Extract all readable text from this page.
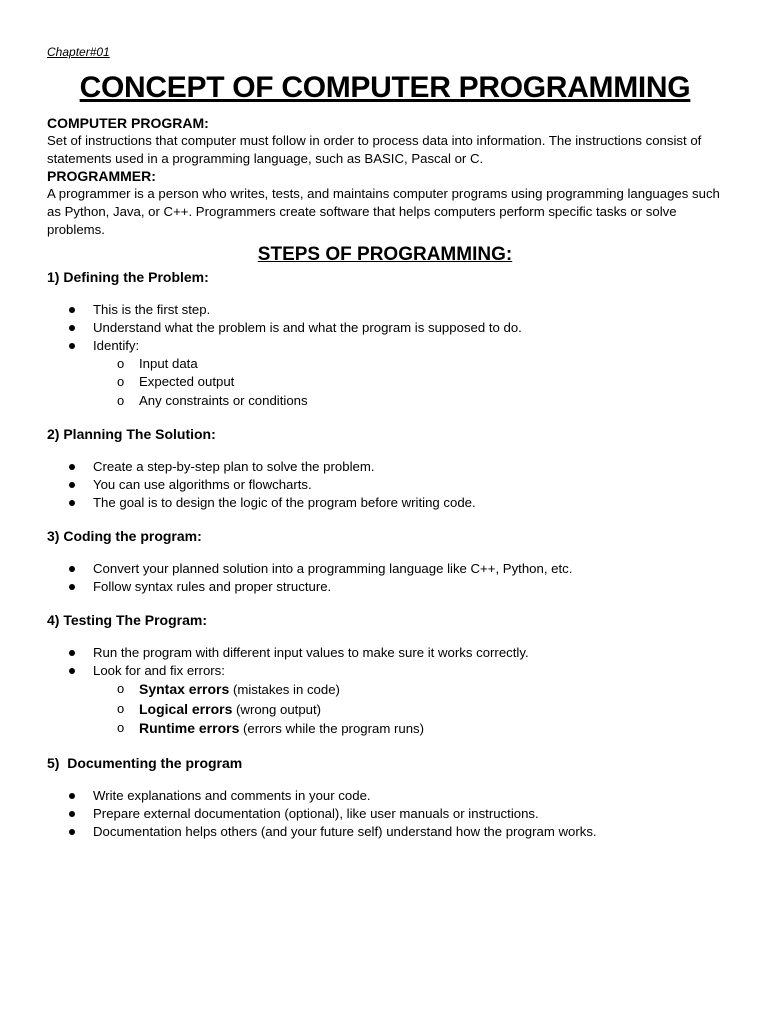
Chapter#01

CONCEPT OF COMPUTER PROGRAMMING

COMPUTER PROGRAM:

Set of instructions that computer must follow in order to process data into information. The instructions consist of statements used in a programming language, such as BASIC, Pascal or C.

PROGRAMMER:

A programmer is a person who writes, tests, and maintains computer programs using programming languages such as Python, Java, or C++. Programmers create software that helps computers perform specific tasks or solve problems.

STEPS OF PROGRAMMING:

1) Defining the Problem:

This is the first step.
Understand what the problem is and what the program is supposed to do.
Identify:
o Input data
o Expected output
o Any constraints or conditions

2) Planning The Solution:

Create a step-by-step plan to solve the problem.
You can use algorithms or flowcharts.
The goal is to design the logic of the program before writing code.

3) Coding the program:

Convert your planned solution into a programming language like C++, Python, etc.
Follow syntax rules and proper structure.

4) Testing The Program:

Run the program with different input values to make sure it works correctly.
Look for and fix errors:
o Syntax errors (mistakes in code)
o Logical errors (wrong output)
o Runtime errors (errors while the program runs)

5)  Documenting the program

Write explanations and comments in your code.
Prepare external documentation (optional), like user manuals or instructions.
Documentation helps others (and your future self) understand how the program works.
